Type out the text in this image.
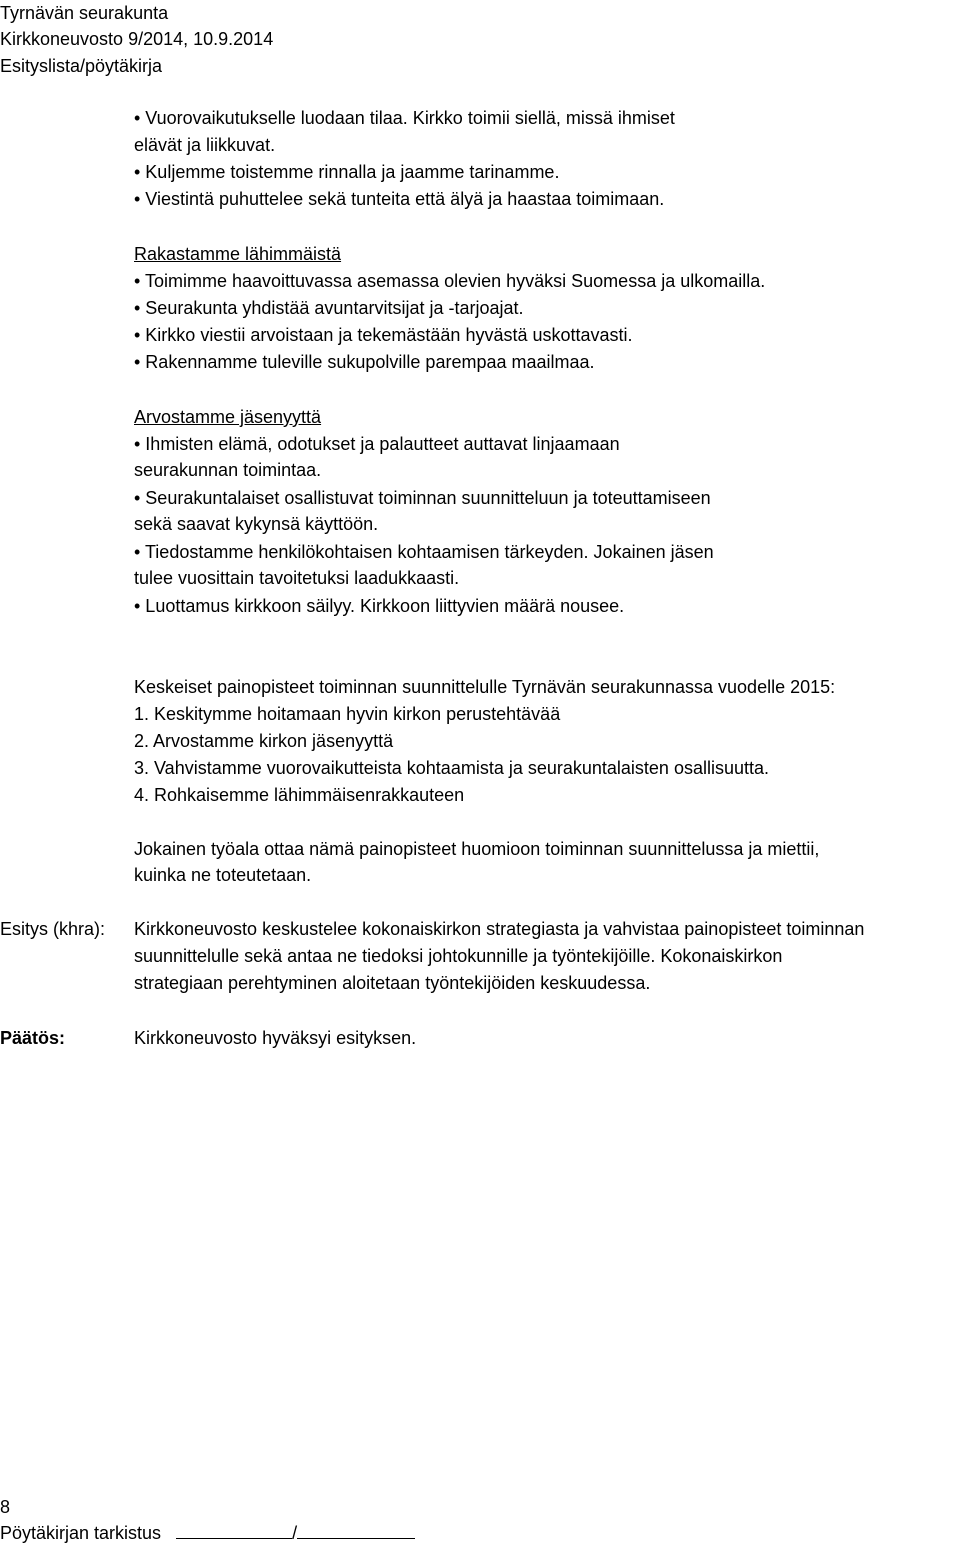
Tyrnävän seurakunta
Kirkkoneuvosto 9/2014, 10.9.2014
Esityslista/pöytäkirja
• Vuorovaikutukselle luodaan tilaa. Kirkko toimii siellä, missä ihmiset
elävät ja liikkuvat.
• Kuljemme toistemme rinnalla ja jaamme tarinamme.
• Viestintä puhuttelee sekä tunteita että älyä ja haastaa toimimaan.
Rakastamme lähimmäistä
• Toimimme haavoittuvassa asemassa olevien hyväksi Suomessa ja ulkomailla.
• Seurakunta yhdistää avuntarvitsijat ja -tarjoajat.
• Kirkko viestii arvoistaan ja tekemästään hyvästä uskottavasti.
• Rakennamme tuleville sukupolville parempaa maailmaa.
Arvostamme jäsenyyttä
• Ihmisten elämä, odotukset ja palautteet auttavat linjaamaan
seurakunnan toimintaa.
• Seurakuntalaiset osallistuvat toiminnan suunnitteluun ja toteuttamiseen
sekä saavat kykynsä käyttöön.
• Tiedostamme henkilökohtaisen kohtaamisen tärkeyden. Jokainen jäsen
tulee vuosittain tavoitetuksi laadukkaasti.
• Luottamus kirkkoon säilyy. Kirkkoon liittyvien määrä nousee.
Keskeiset painopisteet toiminnan suunnittelulle Tyrnävän seurakunnassa vuodelle 2015:
1. Keskitymme hoitamaan hyvin kirkon perustehtävää
2. Arvostamme kirkon jäsenyyttä
3. Vahvistamme vuorovaikutteista kohtaamista ja seurakuntalaisten osallisuutta.
4. Rohkaisemme lähimmäisenrakkauteen
Jokainen työala ottaa nämä painopisteet huomioon toiminnan suunnittelussa ja miettii,
kuinka ne toteutetaan.
Esitys (khra): Kirkkoneuvosto keskustelee kokonaiskirkon strategiasta ja vahvistaa painopisteet toiminnan
suunnittelulle sekä antaa ne tiedoksi johtokunnille ja työntekijöille. Kokonaiskirkon
strategiaan perehtyminen aloitetaan työntekijöiden keskuudessa.
Päätös:	Kirkkoneuvosto hyväksyi esityksen.
8
Pöytäkirjan tarkistus	/
